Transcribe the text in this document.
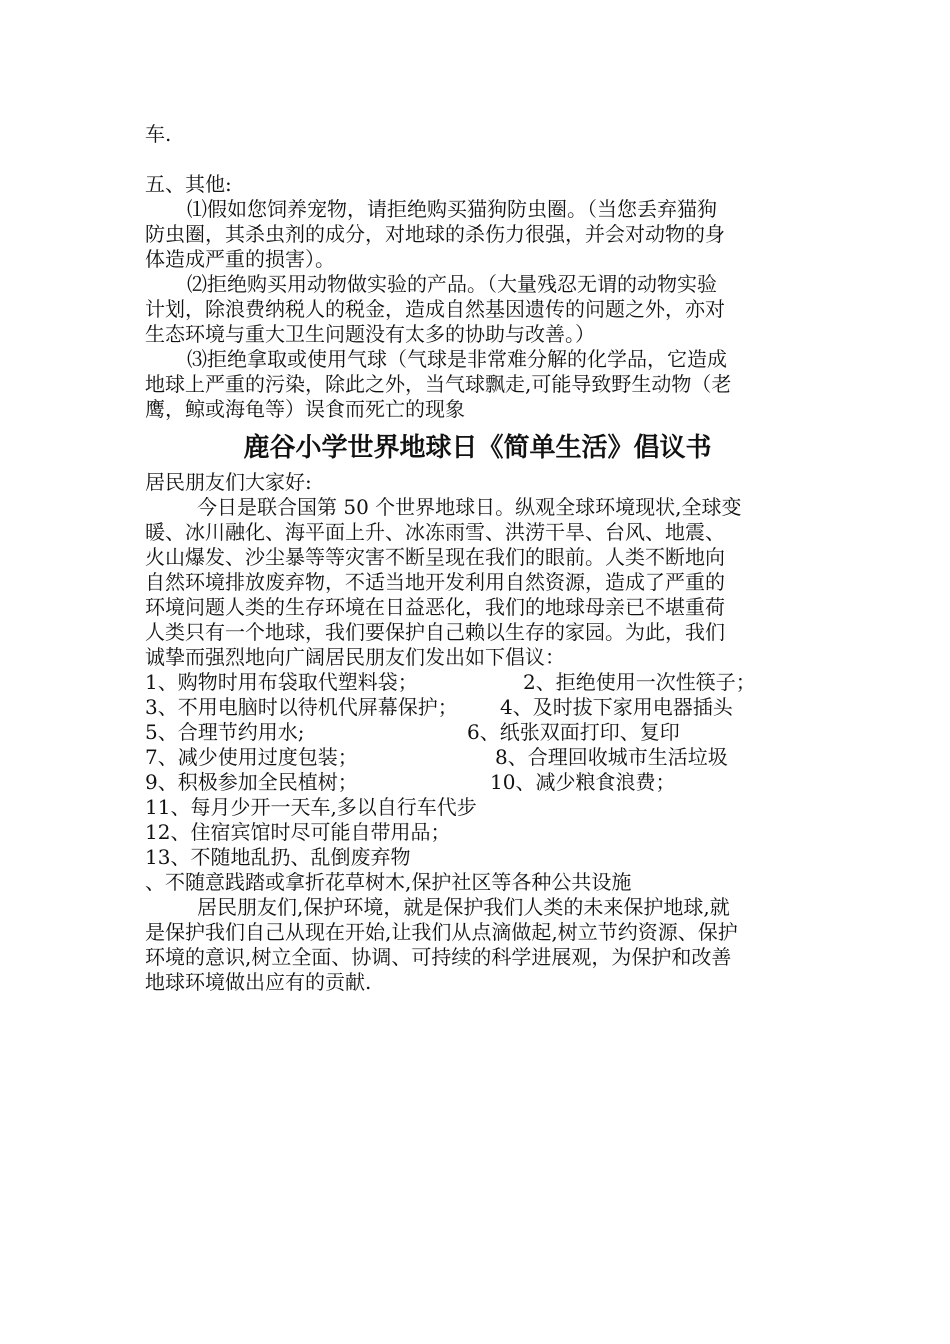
车.
五、其他:
⑴假如您饲养宠物，请拒绝购买猫狗防虫圈。（当您丢弃猫狗
防虫圈，其杀虫剂的成分，对地球的杀伤力很强，并会对动物的身
体造成严重的损害）。
⑵拒绝购买用动物做实验的产品。（大量残忍无谓的动物实验
计划，除浪费纳税人的税金，造成自然基因遗传的问题之外，亦对
生态环境与重大卫生问题没有太多的协助与改善。）
⑶拒绝拿取或使用气球（气球是非常难分解的化学品，它造成
地球上严重的污染，除此之外，当气球飘走,可能导致野生动物（老
鹰，鲸或海龟等）误食而死亡的现象
鹿谷小学世界地球日《简单生活》倡议书
居民朋友们大家好:
今日是联合国第 50 个世界地球日。纵观全球环境现状,全球变
暖、冰川融化、海平面上升、冰冻雨雪、洪涝干旱、台风、地震、
火山爆发、沙尘暴等等灾害不断呈现在我们的眼前。人类不断地向
自然环境排放废弃物，不适当地开发利用自然资源，造成了严重的
环境问题人类的生存环境在日益恶化，我们的地球母亲已不堪重荷
人类只有一个地球，我们要保护自己赖以生存的家园。为此，我们
诚挚而强烈地向广阔居民朋友们发出如下倡议：
1、购物时用布袋取代塑料袋；	2、拒绝使用一次性筷子；
3、不用电脑时以待机代屏幕保护；	4、及时拔下家用电器插头
5、合理节约用水;	6、纸张双面打印、复印
7、减少使用过度包装；	8、合理回收城市生活垃圾
9、积极参加全民植树；	10、减少粮食浪费；
11、每月少开一天车,多以自行车代步
12、住宿宾馆时尽可能自带用品；
13、不随地乱扔、乱倒废弃物
、不随意践踏或拿折花草树木,保护社区等各种公共设施
居民朋友们,保护环境，就是保护我们人类的未来保护地球,就
是保护我们自己从现在开始,让我们从点滴做起,树立节约资源、保护
环境的意识,树立全面、协调、可持续的科学进展观，为保护和改善
地球环境做出应有的贡献.
